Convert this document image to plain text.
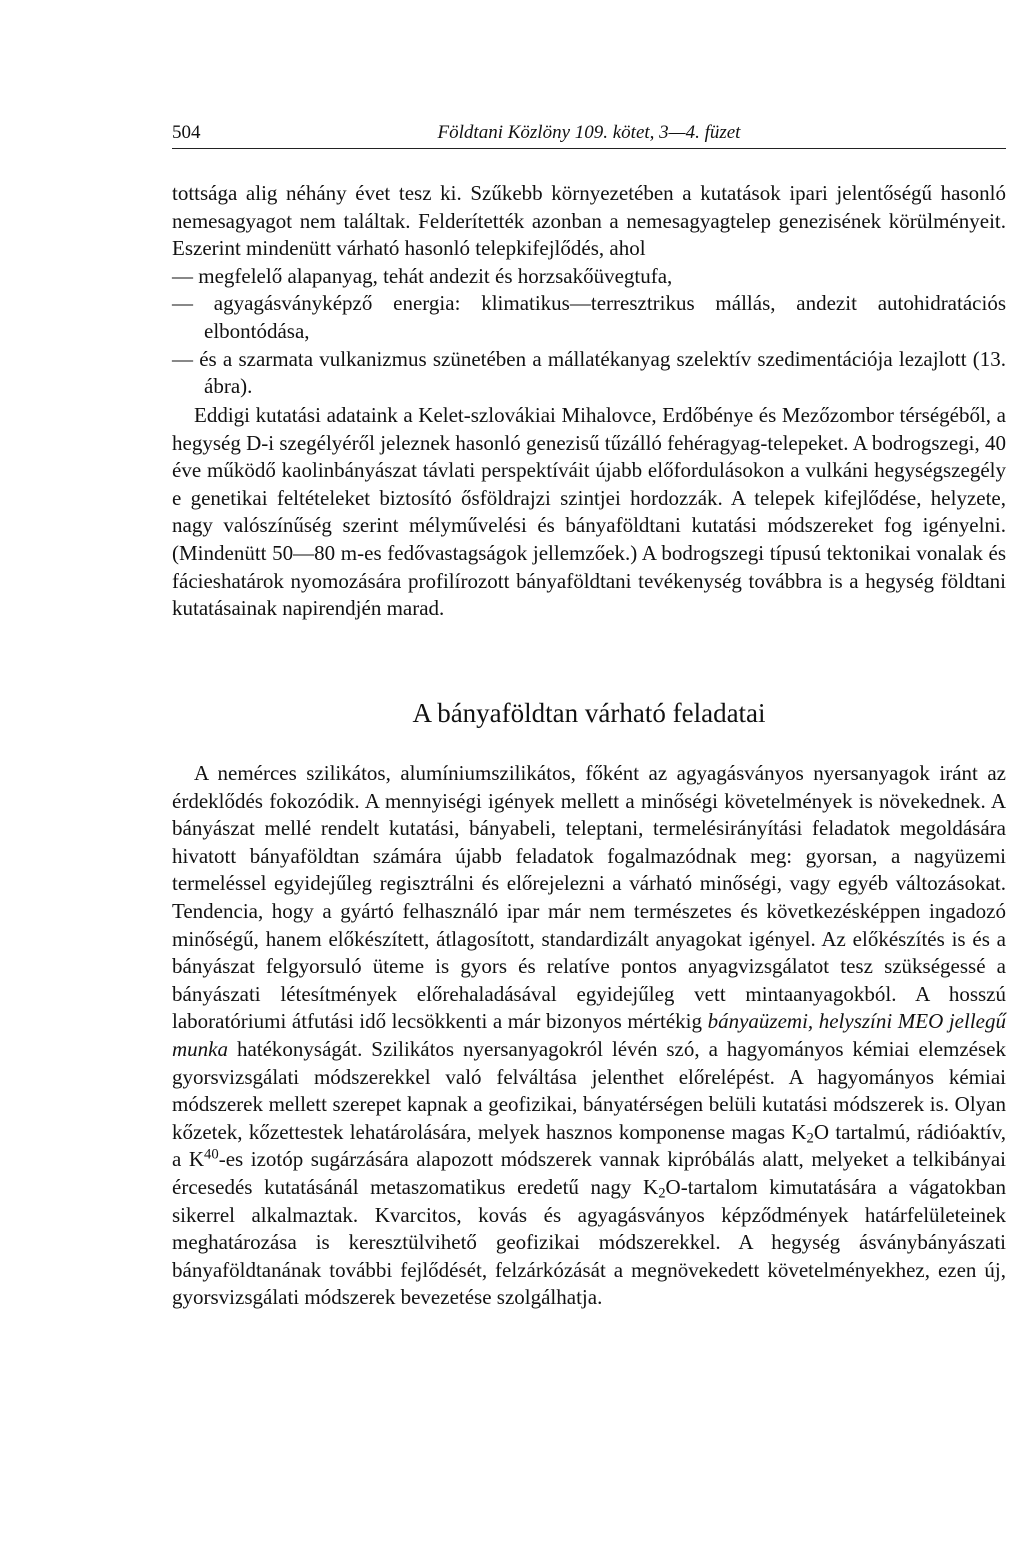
504	Földtani Közlöny 109. kötet, 3—4. füzet

tottsága alig néhány évet tesz ki. Szűkebb környezetében a kutatások ipari jelentőségű hasonló nemesagyagot nem találtak. Felderítették azonban a nemesagyagtelep genezisének körülményeit. Eszerint mindenütt várható hasonló telepkifejlődés, ahol

— megfelelő alapanyag, tehát andezit és horzsakőüvegtufa,

— agyagásványképző energia: klimatikus—terresztrikus mállás, andezit autohidratációs elbontódása,

— és a szarmata vulkanizmus szünetében a mállatékanyag szelektív szedimentációja lezajlott (13. ábra).

Eddigi kutatási adataink a Kelet-szlovákiai Mihalovce, Erdőbénye és Mezőzombor térségéből, a hegység D-i szegélyéről jeleznek hasonló genezisű tűzálló fehéragyag-telepeket. A bodrogszegi, 40 éve működő kaolinbányászat távlati perspektíváit újabb előfordulásokon a vulkáni hegységszegély e genetikai feltételeket biztosító ősföldrajzi szintjei hordozzák. A telepek kifejlődése, helyzete, nagy valószínűség szerint mélyművelési és bányaföldtani kutatási módszereket fog igényelni. (Mindenütt 50—80 m-es fedővastagságok jellemzőek.) A bodrogszegi típusú tektonikai vonalak és fácieshatárok nyomozására profilírozott bányaföldtani tevékenység továbbra is a hegység földtani kutatásainak napirendjén marad.

A bányaföldtan várható feladatai

A nemérces szilikátos, alumíniumszilikátos, főként az agyagásványos nyersanyagok iránt az érdeklődés fokozódik. A mennyiségi igények mellett a minőségi követelmények is növekednek. A bányászat mellé rendelt kutatási, bányabeli, teleptani, termelésirányítási feladatok megoldására hivatott bányaföldtan számára újabb feladatok fogalmazódnak meg: gyorsan, a nagyüzemi termeléssel egyidejűleg regisztrálni és előrejelezni a várható minőségi, vagy egyéb változásokat. Tendencia, hogy a gyártó felhasználó ipar már nem természetes és következésképpen ingadozó minőségű, hanem előkészített, átlagosított, standardizált anyagokat igényel. Az előkészítés is és a bányászat felgyorsuló üteme is gyors és relatíve pontos anyagvizsgálatot tesz szükségessé a bányászati létesítmények előrehaladásával egyidejűleg vett mintaanyagokból. A hosszú laboratóriumi átfutási idő lecsökkenti a már bizonyos mértékig bányaüzemi, helyszíni MEO jellegű munka hatékonyságát. Szilikátos nyersanyagokról lévén szó, a hagyományos kémiai elemzések gyorsvizsgálati módszerekkel való felváltása jelenthet előrelépést. A hagyományos kémiai módszerek mellett szerepet kapnak a geofizikai, bányatérségen belüli kutatási módszerek is. Olyan kőzetek, kőzettestek lehatárolására, melyek hasznos komponense magas $K_2O$ tartalmú, rádióaktív, a $K^{40}-es$ izotóp sugárzására alapozott módszerek vannak kipróbálás alatt, melyeket a telkibányai ércesedés kutatásánál metaszomatikus eredetű nagy $K_2O$-tartalom kimutatására a vágatokban sikerrel alkalmaztak. Kvarcitos, kovás és agyagásványos képződmények határfelületeinek meghatározása is keresztülvihető geofizikai módszerekkel. A hegység ásványbányászati bányaföldtanának további fejlődését, felzárkózását a megnövekedett követelményekhez, ezen új, gyorsvizsgálati módszerek bevezetése szolgálhatja.
